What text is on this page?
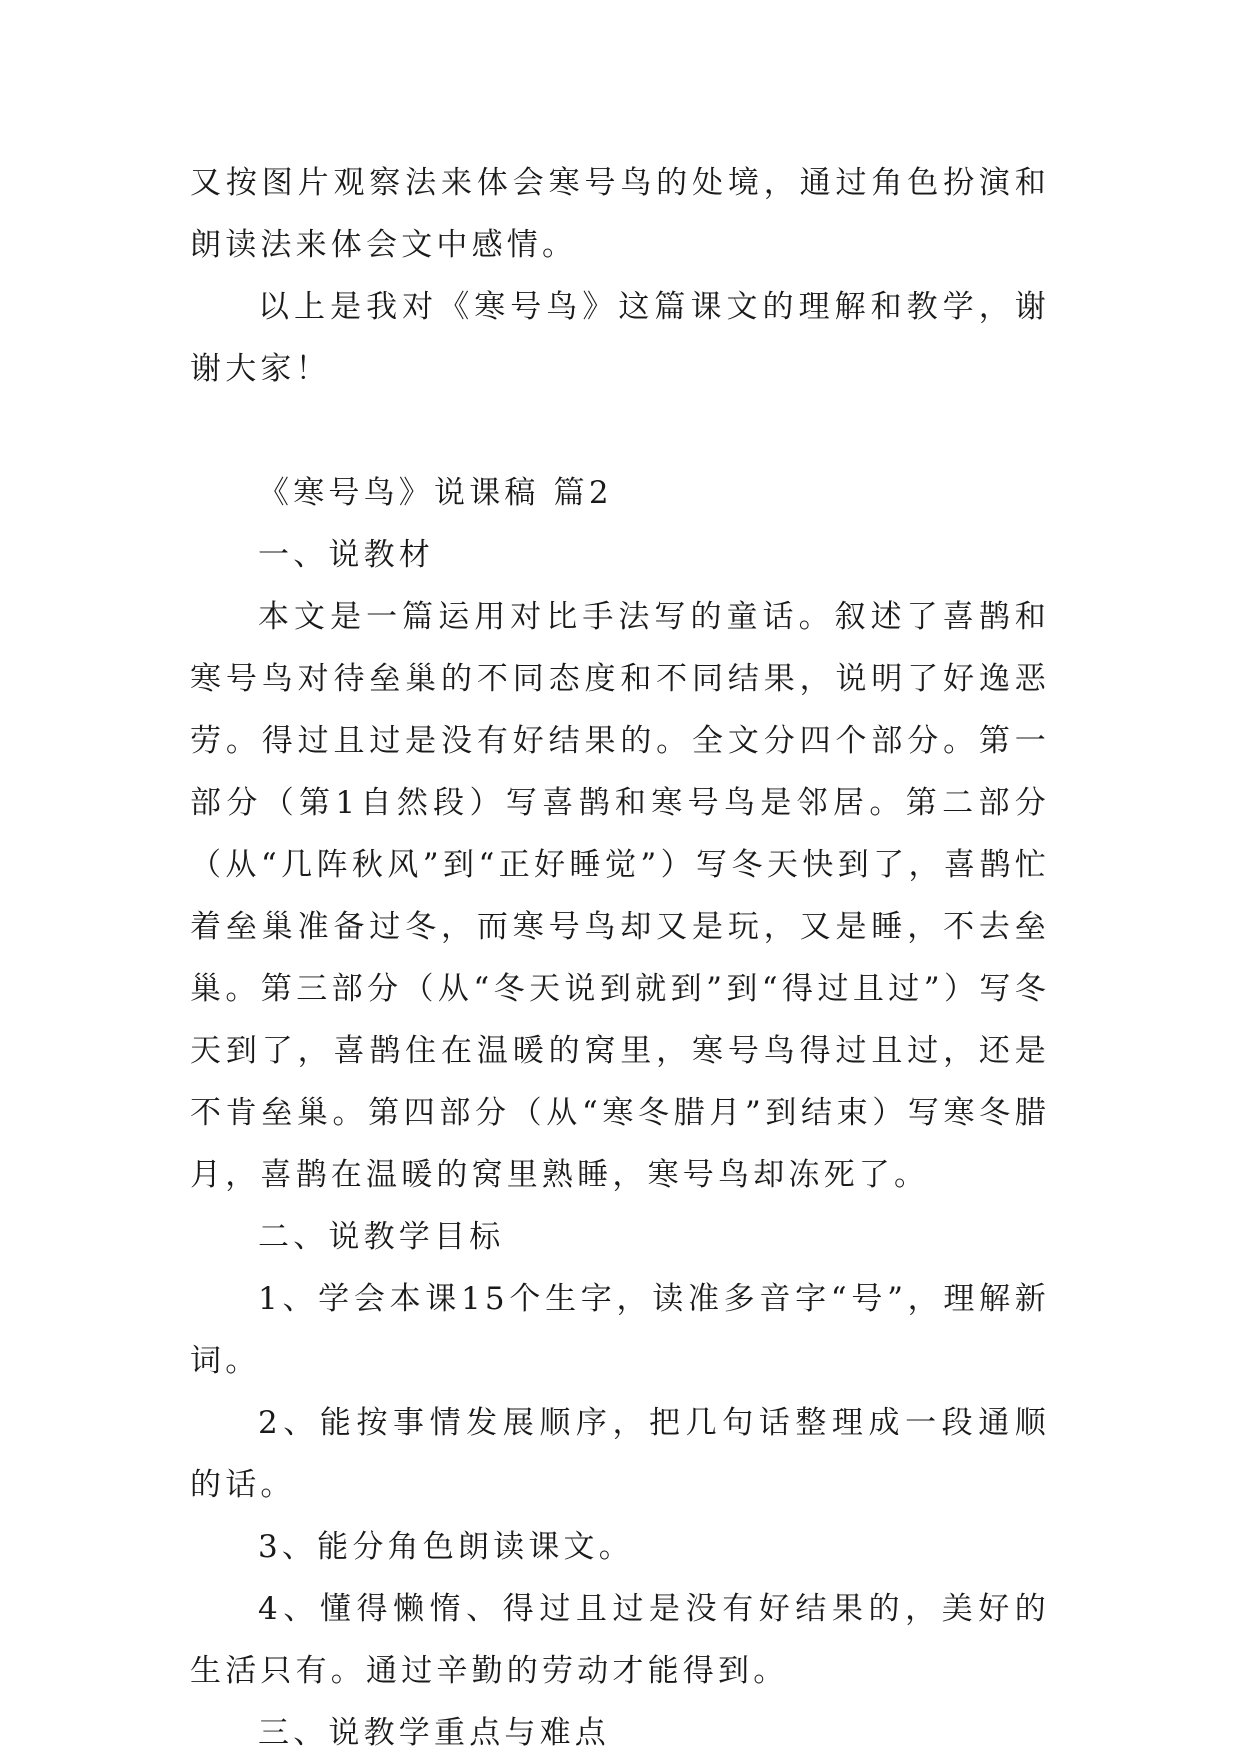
又按图片观察法来体会寒号鸟的处境，通过角色扮演和朗读法来体会文中感情。

以上是我对《寒号鸟》这篇课文的理解和教学，谢谢大家！

《寒号鸟》说课稿 篇2

一、说教材

本文是一篇运用对比手法写的童话。叙述了喜鹊和寒号鸟对待垒巢的不同态度和不同结果，说明了好逸恶劳。得过且过是没有好结果的。全文分四个部分。第一部分（第1自然段）写喜鹊和寒号鸟是邻居。第二部分（从“几阵秋风”到“正好睡觉”）写冬天快到了，喜鹊忙着垒巢准备过冬，而寒号鸟却又是玩，又是睡，不去垒巢。第三部分（从“冬天说到就到”到“得过且过”）写冬天到了，喜鹊住在温暖的窝里，寒号鸟得过且过，还是不肯垒巢。第四部分（从“寒冬腊月”到结束）写寒冬腊月，喜鹊在温暖的窝里熟睡，寒号鸟却冻死了。

二、说教学目标

1、学会本课15个生字，读准多音字“号”，理解新词。

2、能按事情发展顺序，把几句话整理成一段通顺的话。

3、能分角色朗读课文。

4、懂得懒惰、得过且过是没有好结果的，美好的生活只有。通过辛勤的劳动才能得到。

三、说教学重点与难点
